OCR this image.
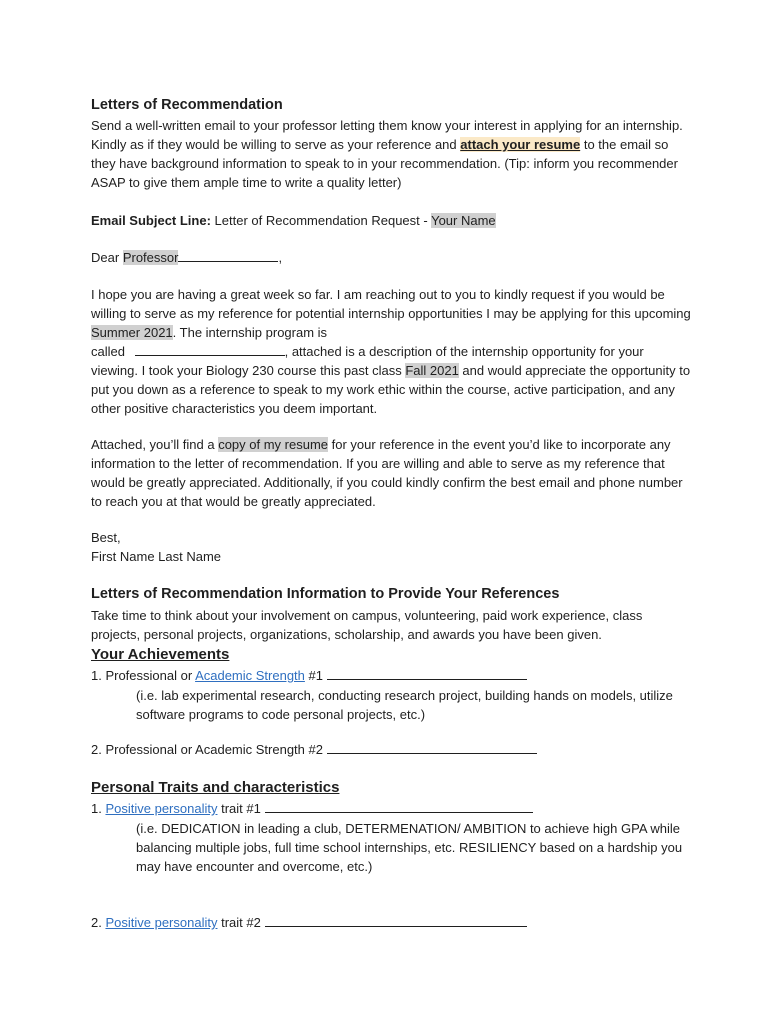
Letters of Recommendation
Send a well-written email to your professor letting them know your interest in applying for an internship. Kindly as if they would be willing to serve as your reference and attach your resume to the email so they have background information to speak to in your recommendation. (Tip: inform you recommender ASAP to give them ample time to write a quality letter)
Email Subject Line: Letter of Recommendation Request - Your Name
Dear Professor	,
I hope you are having a great week so far. I am reaching out to you to kindly request if you would be willing to serve as my reference for potential internship opportunities I may be applying for this upcoming Summer 2021. The internship program is
called	, attached is a description of the internship opportunity for your viewing. I took your Biology 230 course this past class Fall 2021 and would appreciate the opportunity to put you down as a reference to speak to my work ethic within the course, active participation, and any other positive characteristics you deem important.
Attached, you’ll find a copy of my resume for your reference in the event you’d like to incorporate any information to the letter of recommendation. If you are willing and able to serve as my reference that would be greatly appreciated. Additionally, if you could kindly confirm the best email and phone number to reach you at that would be greatly appreciated.
Best,
First Name Last Name
Letters of Recommendation Information to Provide Your References
Take time to think about your involvement on campus, volunteering, paid work experience, class projects, personal projects, organizations, scholarship, and awards you have been given.
Your Achievements
1. Professional or Academic Strength #1
(i.e. lab experimental research, conducting research project, building hands on models, utilize software programs to code personal projects, etc.)
2. Professional or Academic Strength #2
Personal Traits and characteristics
1. Positive personality trait #1
(i.e. DEDICATION in leading a club, DETERMENATION/ AMBITION to achieve high GPA while balancing multiple jobs, full time school internships, etc. RESILIENCY based on a hardship you may have encounter and overcome, etc.)
2. Positive personality trait #2
